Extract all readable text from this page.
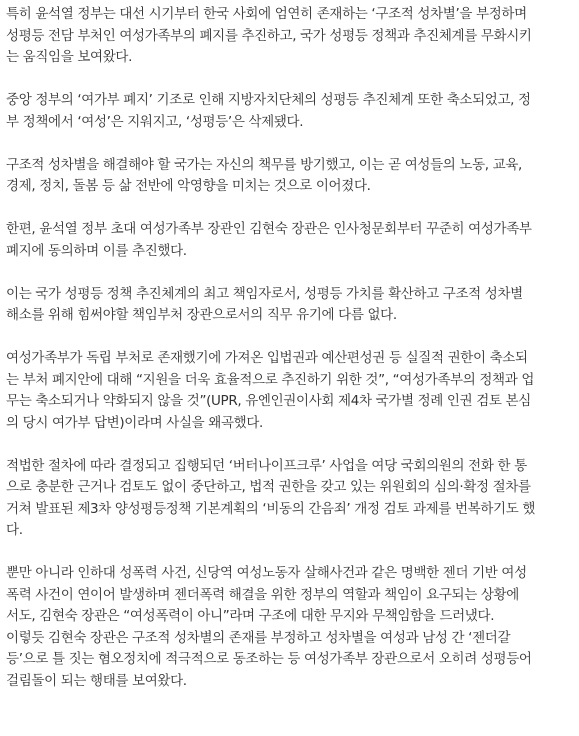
특히 윤석열 정부는 대선 시기부터 한국 사회에 엄연히 존재하는 ‘구조적 성차별’을 부정하며
성평등 전담 부처인 여성가족부의 폐지를 추진하고, 국가 성평등 정책과 추진체계를 무화시키
는 움직임을 보여왔다.

중앙 정부의 ‘여가부 폐지’ 기조로 인해 지방자치단체의 성평등 추진체계 또한 축소되었고, 정
부 정책에서 ‘여성’은 지워지고, ‘성평등’은 삭제됐다.

구조적 성차별을 해결해야 할 국가는 자신의 책무를 방기했고, 이는 곧 여성들의 노동, 교육,
경제, 정치, 돌봄 등 삶 전반에 악영향을 미치는 것으로 이어졌다.

한편, 윤석열 정부 초대 여성가족부 장관인 김현숙 장관은 인사청문회부터 꾸준히 여성가족부
폐지에 동의하며 이를 추진했다.

이는 국가 성평등 정책 추진체계의 최고 책임자로서, 성평등 가치를 확산하고 구조적 성차별
해소를 위해 힘써야할 책임부처 장관으로서의 직무 유기에 다름 없다.

여성가족부가 독립 부처로 존재했기에 가져온 입법권과 예산편성권 등 실질적 권한이 축소되
는 부처 폐지안에 대해 “지원을 더욱 효율적으로 추진하기 위한 것”, “여성가족부의 정책과 업
무는 축소되거나 약화되지 않을 것”(UPR, 유엔인권이사회 제4차 국가별 정례 인권 검토 본심
의 당시 여가부 답변)이라며 사실을 왜곡했다.

적법한 절차에 따라 결정되고 집행되던 ‘버터나이프크루’ 사업을 여당 국회의원의 전화 한 통
으로 충분한 근거나 검토도 없이 중단하고, 법적 권한을 갖고 있는 위원회의 심의·확정 절차를
거쳐 발표된 제3차 양성평등정책 기본계획의 ‘비동의 간음죄’ 개정 검토 과제를 번복하기도 했
다.

뿐만 아니라 인하대 성폭력 사건, 신당역 여성노동자 살해사건과 같은 명백한 젠더 기반 여성
폭력 사건이 연이어 발생하며 젠더폭력 해결을 위한 정부의 역할과 책임이 요구되는 상황에
서도, 김현숙 장관은 “여성폭력이 아니”라며 구조에 대한 무지와 무책임함을 드러냈다.

이렇듯 김현숙 장관은 구조적 성차별의 존재를 부정하고 성차별을 여성과 남성 간 ‘젠더갈
등’으로 틀 짓는 혐오정치에 적극적으로 동조하는 등 여성가족부 장관으로서 오히려 성평등어
걸림돌이 되는 행태를 보여왔다.
